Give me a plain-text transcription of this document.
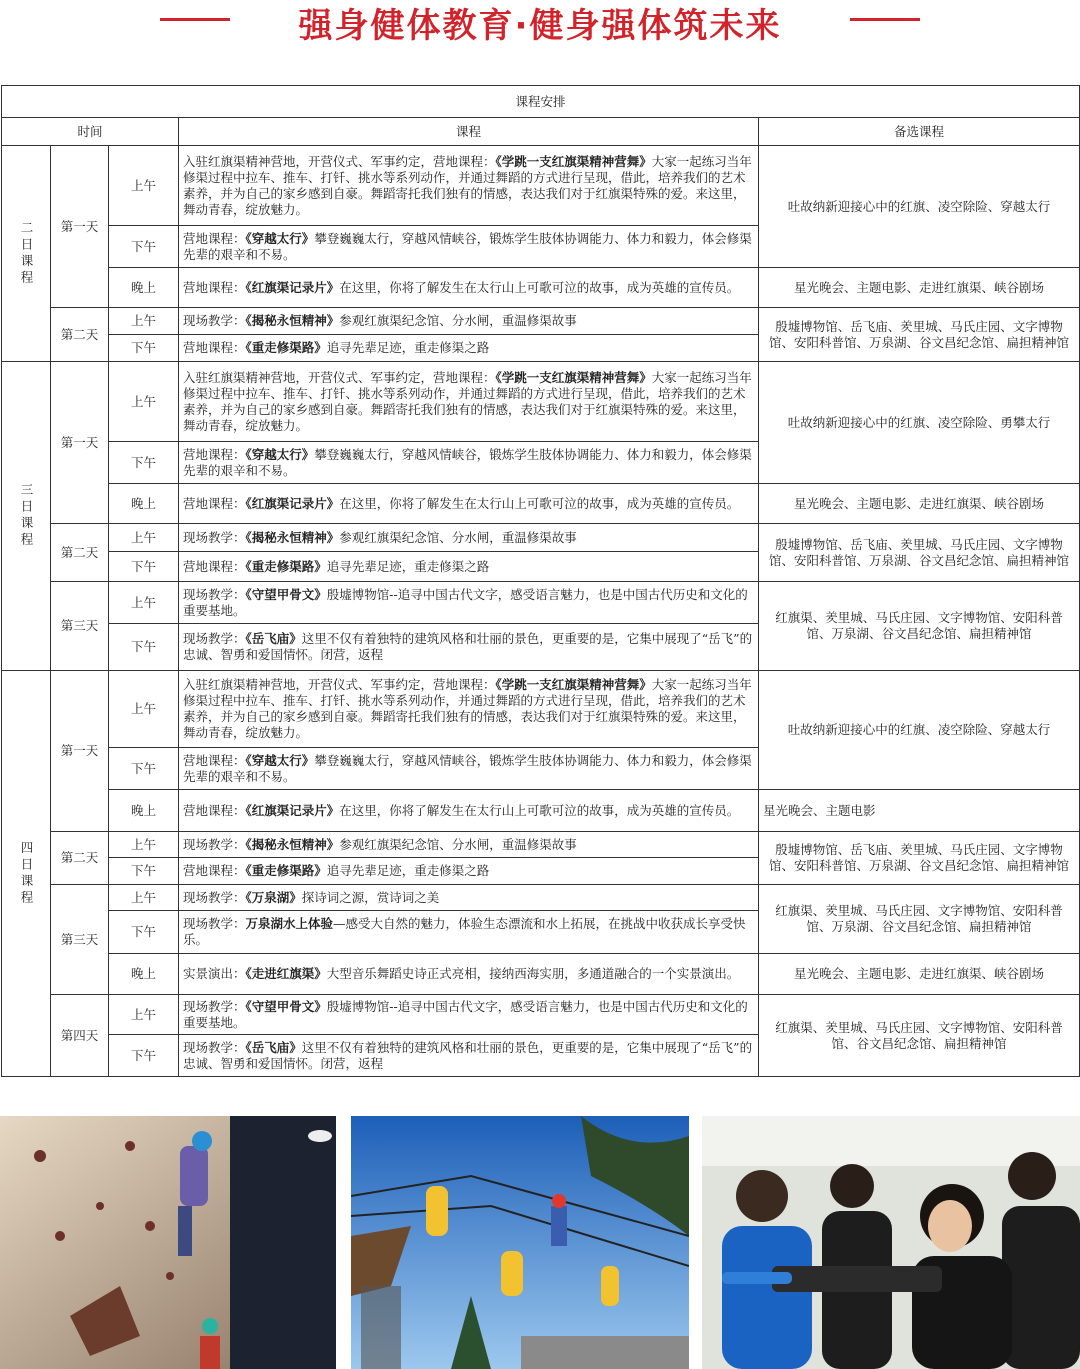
强身健体教育·健身强体筑未来
课程安排				
时间			课程	备选课程

二日课程	第一天	上午	入驻红旗渠精神营地，开营仪式、军事约定，营地课程：《学跳一支红旗渠精神营舞》大家一起练习当年修渠过程中拉车、推车、打钎、挑水等系列动作，并通过舞蹈的方式进行呈现，借此，培养我们的艺术素养，并为自己的家乡感到自豪。舞蹈寄托我们独有的情感，表达我们对于红旗渠特殊的爱。来这里，舞动青春，绽放魅力。	吐故纳新迎接心中的红旗、凌空除险、穿越太行
		下午	营地课程：《穿越太行》攀登巍巍太行，穿越风情峡谷，锻炼学生肢体协调能力、体力和毅力，体会修渠先辈的艰辛和不易。	
		晚上	营地课程：《红旗渠记录片》在这里，你将了解发生在太行山上可歌可泣的故事，成为英雄的宣传员。	星光晚会、主题电影、走进红旗渠、峡谷剧场
	第二天	上午	现场教学：《揭秘永恒精神》参观红旗渠纪念馆、分水闸，重温修渠故事	殷墟博物馆、岳飞庙、羑里城、马氏庄园、文字博物馆、安阳科普馆、万泉湖、谷文昌纪念馆、扁担精神馆
		下午	营地课程：《重走修渠路》追寻先辈足迹，重走修渠之路	

三日课程	第一天	上午	入驻红旗渠精神营地，开营仪式、军事约定，营地课程：《学跳一支红旗渠精神营舞》大家一起练习当年修渠过程中拉车、推车、打钎、挑水等系列动作，并通过舞蹈的方式进行呈现，借此，培养我们的艺术素养，并为自己的家乡感到自豪。舞蹈寄托我们独有的情感，表达我们对于红旗渠特殊的爱。来这里，舞动青春，绽放魅力。	吐故纳新迎接心中的红旗、凌空除险、勇攀太行
		下午	营地课程：《穿越太行》攀登巍巍太行，穿越风情峡谷，锻炼学生肢体协调能力、体力和毅力，体会修渠先辈的艰辛和不易。	
		晚上	营地课程：《红旗渠记录片》在这里，你将了解发生在太行山上可歌可泣的故事，成为英雄的宣传员。	星光晚会、主题电影、走进红旗渠、峡谷剧场
	第二天	上午	现场教学：《揭秘永恒精神》参观红旗渠纪念馆、分水闸，重温修渠故事	殷墟博物馆、岳飞庙、羑里城、马氏庄园、文字博物馆、安阳科普馆、万泉湖、谷文昌纪念馆、扁担精神馆
		下午	营地课程：《重走修渠路》追寻先辈足迹，重走修渠之路	
	第三天	上午	现场教学：《守望甲骨文》殷墟博物馆--追寻中国古代文字，感受语言魅力，也是中国古代历史和文化的重要基地。	红旗渠、羑里城、马氏庄园、文字博物馆、安阳科普馆、万泉湖、谷文昌纪念馆、扁担精神馆
		下午	现场教学：《岳飞庙》这里不仅有着独特的建筑风格和壮丽的景色，更重要的是，它集中展现了“岳飞”的忠诚、智勇和爱国情怀。闭营，返程	

四日课程	第一天	上午	入驻红旗渠精神营地，开营仪式、军事约定，营地课程：《学跳一支红旗渠精神营舞》大家一起练习当年修渠过程中拉车、推车、打钎、挑水等系列动作，并通过舞蹈的方式进行呈现，借此，培养我们的艺术素养，并为自己的家乡感到自豪。舞蹈寄托我们独有的情感，表达我们对于红旗渠特殊的爱。来这里，舞动青春，绽放魅力。	吐故纳新迎接心中的红旗、凌空除险、穿越太行
		下午	营地课程：《穿越太行》攀登巍巍太行，穿越风情峡谷，锻炼学生肢体协调能力、体力和毅力，体会修渠先辈的艰辛和不易。	
		晚上	营地课程：《红旗渠记录片》在这里，你将了解发生在太行山上可歌可泣的故事，成为英雄的宣传员。	星光晚会、主题电影
	第二天	上午	现场教学：《揭秘永恒精神》参观红旗渠纪念馆、分水闸，重温修渠故事	殷墟博物馆、岳飞庙、羑里城、马氏庄园、文字博物馆、安阳科普馆、万泉湖、谷文昌纪念馆、扁担精神馆
		下午	营地课程：《重走修渠路》追寻先辈足迹，重走修渠之路	
	第三天	上午	现场教学：《万泉湖》探诗词之源，赏诗词之美	红旗渠、羑里城、马氏庄园、文字博物馆、安阳科普馆、万泉湖、谷文昌纪念馆、扁担精神馆
		下午	现场教学：万泉湖水上体验—感受大自然的魅力，体验生态漂流和水上拓展，在挑战中收获成长享受快乐。	
		晚上	实景演出：《走进红旗渠》大型音乐舞蹈史诗正式亮相，接纳西海实朋，多通道融合的一个实景演出。	星光晚会、主题电影、走进红旗渠、峡谷剧场
	第四天	上午	现场教学：《守望甲骨文》殷墟博物馆--追寻中国古代文字，感受语言魅力，也是中国古代历史和文化的重要基地。	红旗渠、羑里城、马氏庄园、文字博物馆、安阳科普馆、谷文昌纪念馆、扁担精神馆
		下午	现场教学：《岳飞庙》这里不仅有着独特的建筑风格和壮丽的景色，更重要的是，它集中展现了“岳飞”的忠诚、智勇和爱国情怀。闭营，返程	
